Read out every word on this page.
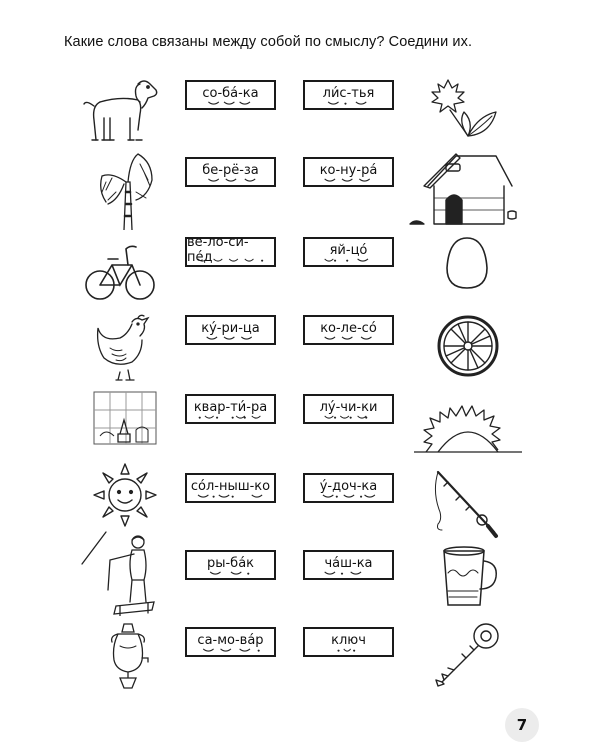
Какие слова связаны между собой по смыслу? Соедини их.
со-ба́-ка
бе-рё-за
ве-ло-си-пе́д
ку́-ри-ца
квар-ти́-ра
со́л-ныш-ко
ры-ба́к
са-мо-ва́р
ли́с-тья
ко-ну-ра́
яй-цо́
ко-ле-со́
лу́-чи-ки
у́-доч-ка
ча́ш-ка
ключ
7
